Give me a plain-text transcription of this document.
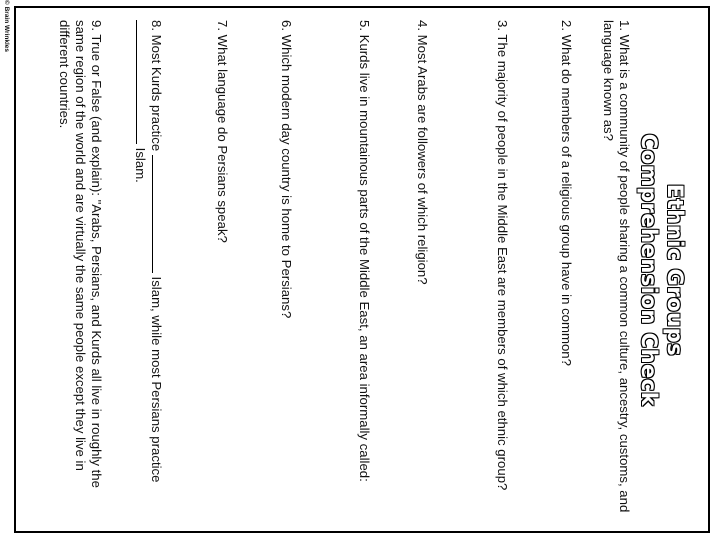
© Brain Wrinkles
Ethnic Groups
Comprehension Check
1. What is a community of people sharing a common culture, ancestry, customs, and language known as?
2. What do members of a religious group have in common?
3. The majority of people in the Middle East are members of which ethnic group?
4. Most Arabs are followers of which religion?
5. Kurds live in mountainous parts of the Middle East, an area informally called:
6. Which modern day country is home to Persians?
7. What language do Persians speak?
8. Most Kurds practice  Islam, while most Persians practice  Islam.
9. True or False (and explain): "Arabs, Persians, and Kurds all live in roughly the same region of the world and are virtually the same people except they live in different countries.
